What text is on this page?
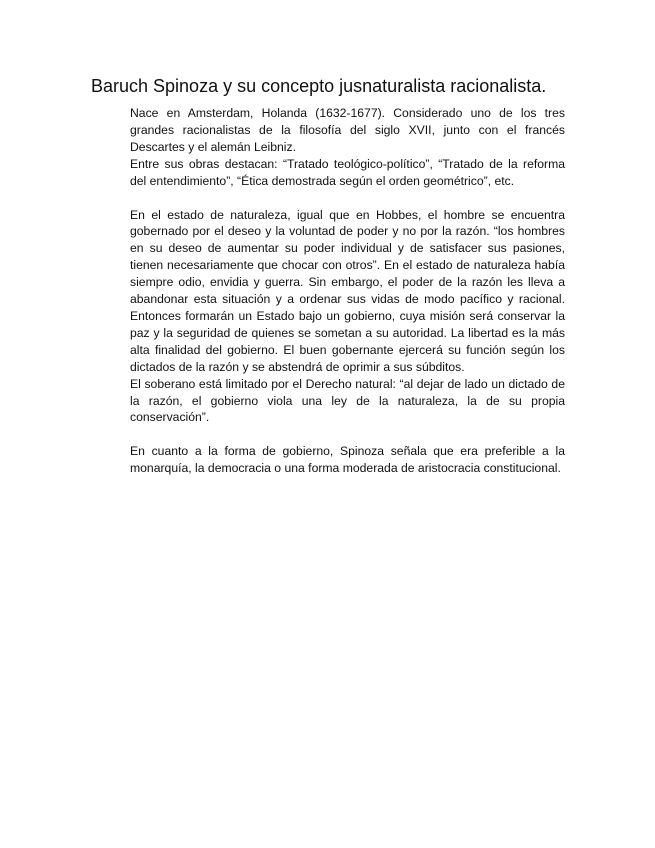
Baruch Spinoza y su concepto jusnaturalista racionalista.

Nace en Amsterdam, Holanda (1632-1677). Considerado uno de los tres grandes racionalistas de la filosofía del siglo XVII, junto con el francés Descartes y el alemán Leibniz.

Entre sus obras destacan: “Tratado teológico-político”, “Tratado de la reforma del entendimiento”, “Ética demostrada según el orden geométrico”, etc.

En el estado de naturaleza, igual que en Hobbes, el hombre se encuentra gobernado por el deseo y la voluntad de poder y no por la razón. “los hombres en su deseo de aumentar su poder individual y de satisfacer sus pasiones, tienen necesariamente que chocar con otros”. En el estado de naturaleza había siempre odio, envidia y guerra. Sin embargo, el poder de la razón les lleva a abandonar esta situación y a ordenar sus vidas de modo pacífico y racional. Entonces formarán un Estado bajo un gobierno, cuya misión será conservar la paz y la seguridad de quienes se sometan a su autoridad. La libertad es la más alta finalidad del gobierno. El buen gobernante ejercerá su función según los dictados de la razón y se abstendrá de oprimir a sus súbditos.

El soberano está limitado por el Derecho natural: “al dejar de lado un dictado de la razón, el gobierno viola una ley de la naturaleza, la de su propia conservación”.

En cuanto a la forma de gobierno, Spinoza señala que era preferible a la monarquía, la democracia o una forma moderada de aristocracia constitucional.
